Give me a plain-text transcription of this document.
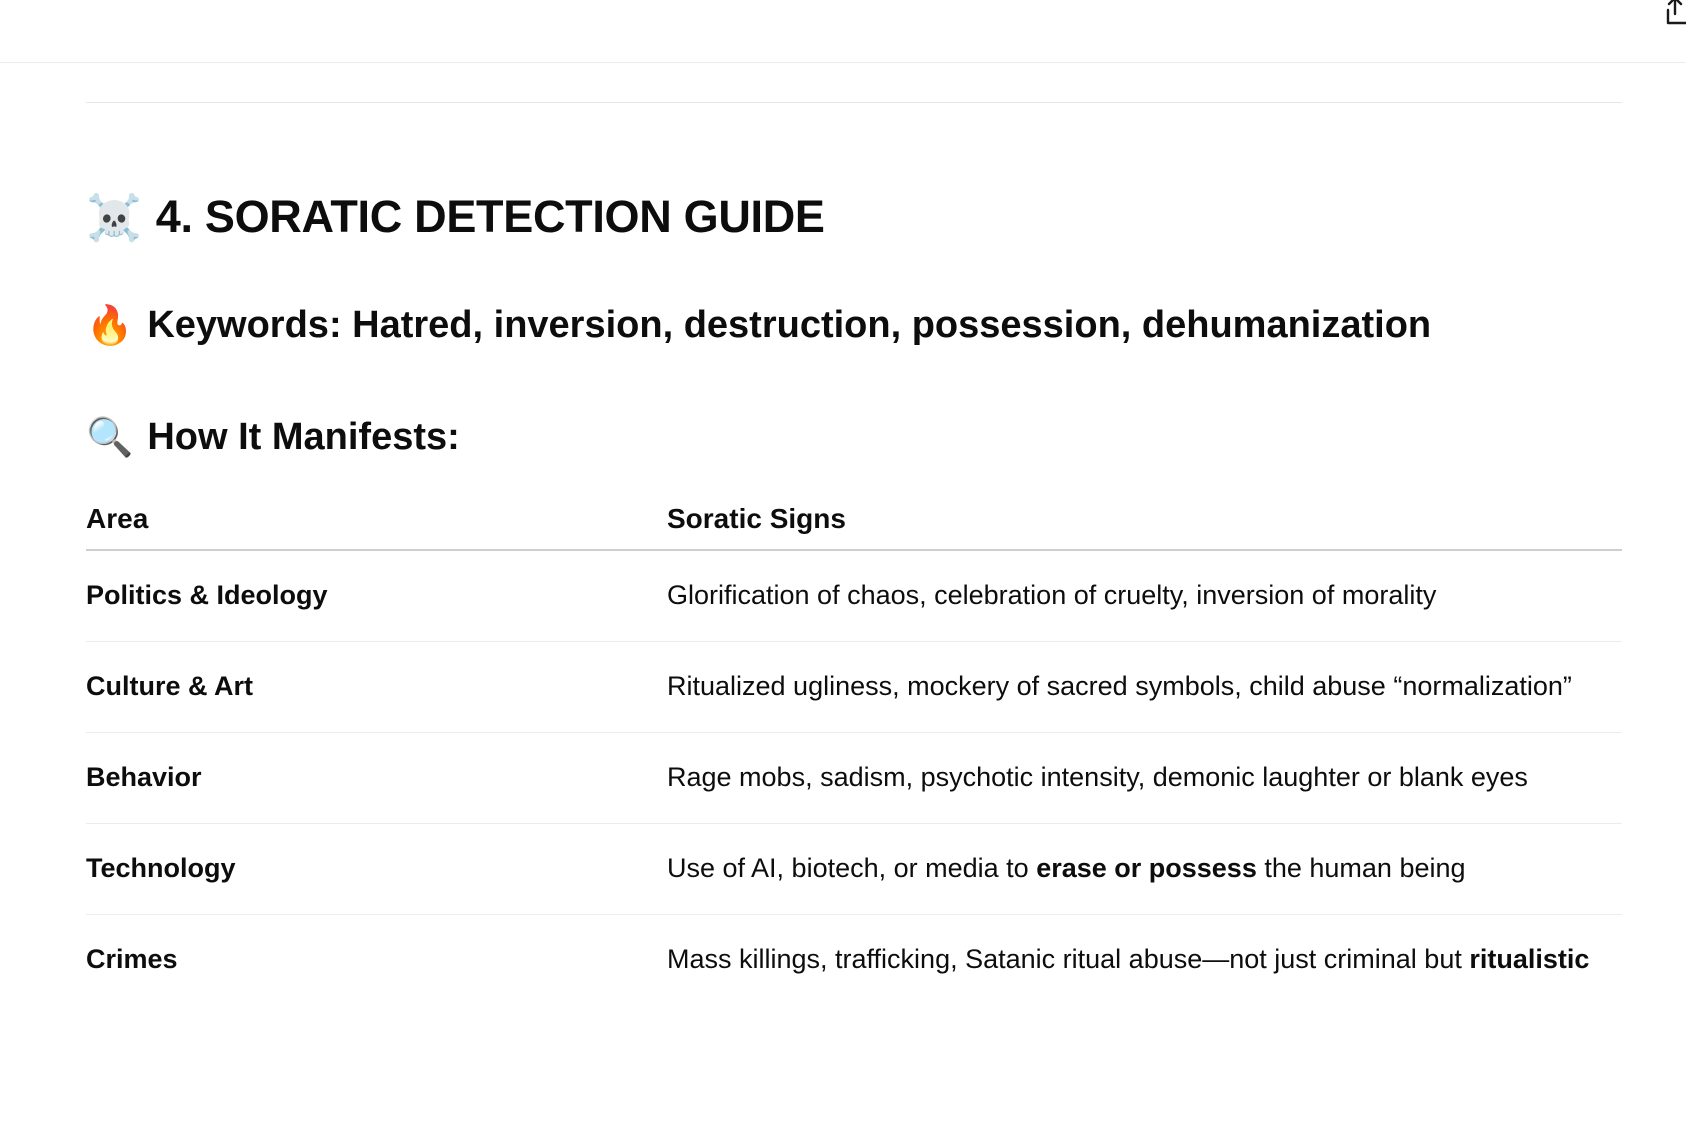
☠️ 4. SORATIC DETECTION GUIDE
🔥 Keywords: Hatred, inversion, destruction, possession, dehumanization
🔍 How It Manifests:
Area	Soratic Signs
Politics & Ideology	Glorification of chaos, celebration of cruelty, inversion of morality
Culture & Art	Ritualized ugliness, mockery of sacred symbols, child abuse “normalization”
Behavior	Rage mobs, sadism, psychotic intensity, demonic laughter or blank eyes
Technology	Use of AI, biotech, or media to erase or possess the human being
Crimes	Mass killings, trafficking, Satanic ritual abuse—not just criminal but ritualistic
